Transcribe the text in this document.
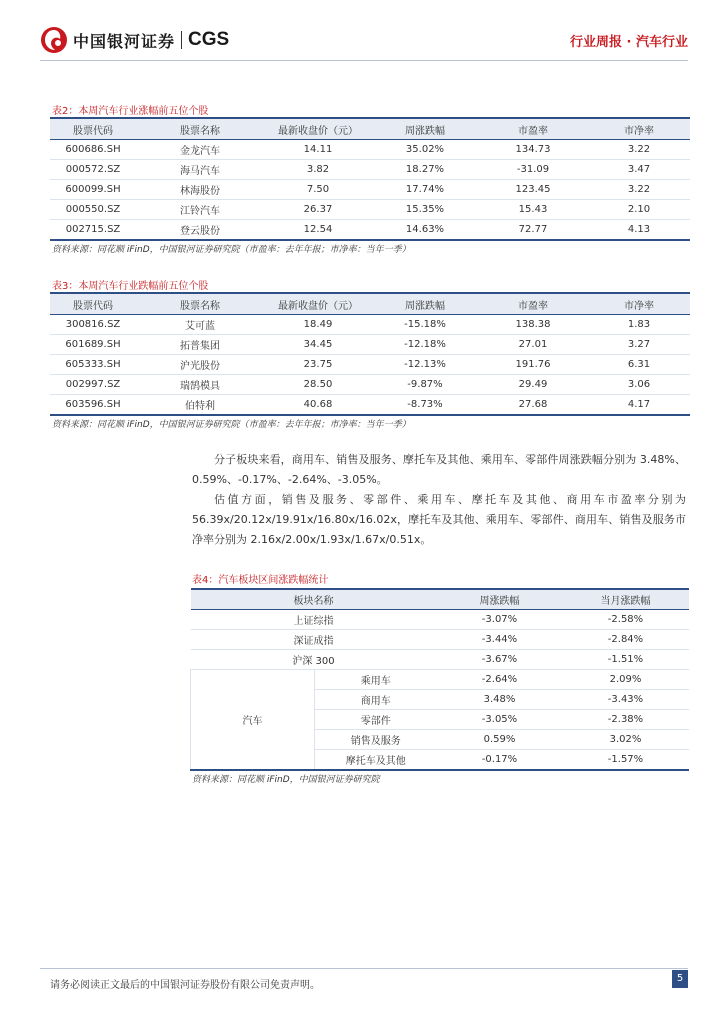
中国银河证券 CGS	行业周报 · 汽车行业
表2：本周汽车行业涨幅前五位个股
股票代码	股票名称	最新收盘价（元）	周涨跌幅	市盈率	市净率
600686.SH	金龙汽车	14.11	35.02%	134.73	3.22
000572.SZ	海马汽车	3.82	18.27%	-31.09	3.47
600099.SH	林海股份	7.50	17.74%	123.45	3.22
000550.SZ	江铃汽车	26.37	15.35%	15.43	2.10
002715.SZ	登云股份	12.54	14.63%	72.77	4.13
资料来源：同花顺 iFinD，中国银河证券研究院（市盈率：去年年报；市净率：当年一季）
表3：本周汽车行业跌幅前五位个股
股票代码	股票名称	最新收盘价（元）	周涨跌幅	市盈率	市净率
300816.SZ	艾可蓝	18.49	-15.18%	138.38	1.83
601689.SH	拓普集团	34.45	-12.18%	27.01	3.27
605333.SH	沪光股份	23.75	-12.13%	191.76	6.31
002997.SZ	瑞鹄模具	28.50	-9.87%	29.49	3.06
603596.SH	伯特利	40.68	-8.73%	27.68	4.17
资料来源：同花顺 iFinD，中国银河证券研究院（市盈率：去年年报；市净率：当年一季）
分子板块来看，商用车、销售及服务、摩托车及其他、乘用车、零部件周涨跌幅分别为 3.48%、0.59%、-0.17%、-2.64%、-3.05%。
估值方面，销售及服务、零部件、乘用车、摩托车及其他、商用车市盈率分别为 56.39x/20.12x/19.91x/16.80x/16.02x，摩托车及其他、乘用车、零部件、商用车、销售及服务市净率分别为 2.16x/2.00x/1.93x/1.67x/0.51x。
表4：汽车板块区间涨跌幅统计
板块名称		周涨跌幅	当月涨跌幅
上证综指		-3.07%	-2.58%
深证成指		-3.44%	-2.84%
沪深 300		-3.67%	-1.51%
汽车	乘用车	-2.64%	2.09%
	商用车	3.48%	-3.43%
	零部件	-3.05%	-2.38%
	销售及服务	0.59%	3.02%
	摩托车及其他	-0.17%	-1.57%
资料来源：同花顺 iFinD，中国银河证券研究院
请务必阅读正文最后的中国银河证券股份有限公司免责声明。
5
